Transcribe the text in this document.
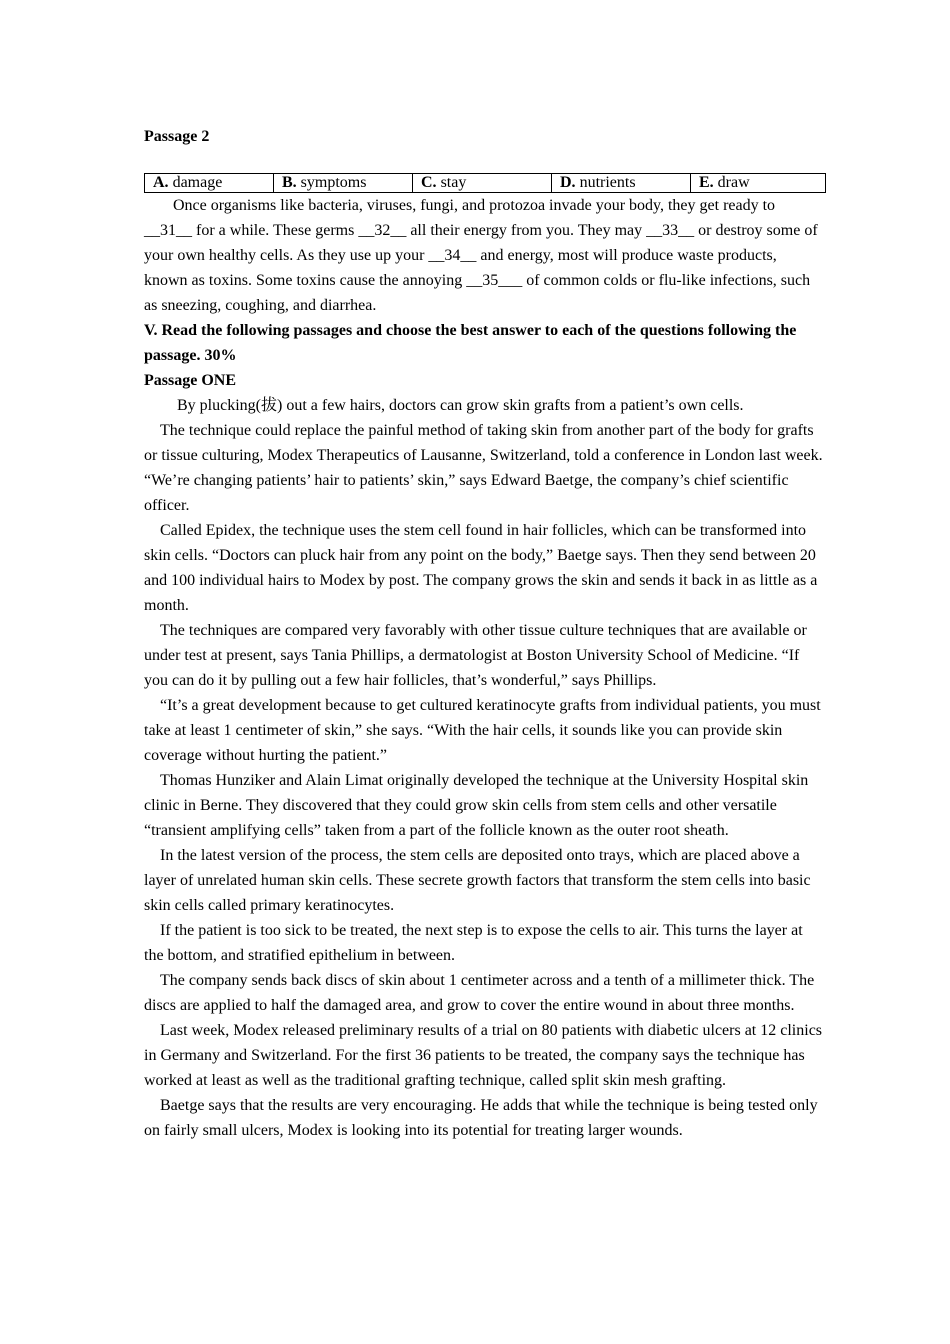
Passage 2

A. damage	B. symptoms	C. stay	D. nutrients	E. draw

Once organisms like bacteria, viruses, fungi, and protozoa invade your body, they get ready to __31__ for a while. These germs __32__ all their energy from you. They may __33__ or destroy some of your own healthy cells. As they use up your __34__ and energy, most will produce waste products, known as toxins. Some toxins cause the annoying __35___ of common colds or flu-like infections, such as sneezing, coughing, and diarrhea.

V. Read the following passages and choose the best answer to each of the questions following the passage. 30%

Passage ONE

By plucking(拔) out a few hairs, doctors can grow skin grafts from a patient’s own cells.

The technique could replace the painful method of taking skin from another part of the body for grafts or tissue culturing, Modex Therapeutics of Lausanne, Switzerland, told a conference in London last week. “We’re changing patients’ hair to patients’ skin,” says Edward Baetge, the company’s chief scientific officer.

Called Epidex, the technique uses the stem cell found in hair follicles, which can be transformed into skin cells. “Doctors can pluck hair from any point on the body,” Baetge says. Then they send between 20 and 100 individual hairs to Modex by post. The company grows the skin and sends it back in as little as a month.

The techniques are compared very favorably with other tissue culture techniques that are available or under test at present, says Tania Phillips, a dermatologist at Boston University School of Medicine. “If you can do it by pulling out a few hair follicles, that’s wonderful,” says Phillips.

“It’s a great development because to get cultured keratinocyte grafts from individual patients, you must take at least 1 centimeter of skin,” she says. “With the hair cells, it sounds like you can provide skin coverage without hurting the patient.”

Thomas Hunziker and Alain Limat originally developed the technique at the University Hospital skin clinic in Berne. They discovered that they could grow skin cells from stem cells and other versatile “transient amplifying cells” taken from a part of the follicle known as the outer root sheath.

In the latest version of the process, the stem cells are deposited onto trays, which are placed above a layer of unrelated human skin cells. These secrete growth factors that transform the stem cells into basic skin cells called primary keratinocytes.

If the patient is too sick to be treated, the next step is to expose the cells to air. This turns the layer at the bottom, and stratified epithelium in between.

The company sends back discs of skin about 1 centimeter across and a tenth of a millimeter thick. The discs are applied to half the damaged area, and grow to cover the entire wound in about three months.

Last week, Modex released preliminary results of a trial on 80 patients with diabetic ulcers at 12 clinics in Germany and Switzerland. For the first 36 patients to be treated, the company says the technique has worked at least as well as the traditional grafting technique, called split skin mesh grafting.

Baetge says that the results are very encouraging. He adds that while the technique is being tested only on fairly small ulcers, Modex is looking into its potential for treating larger wounds.
